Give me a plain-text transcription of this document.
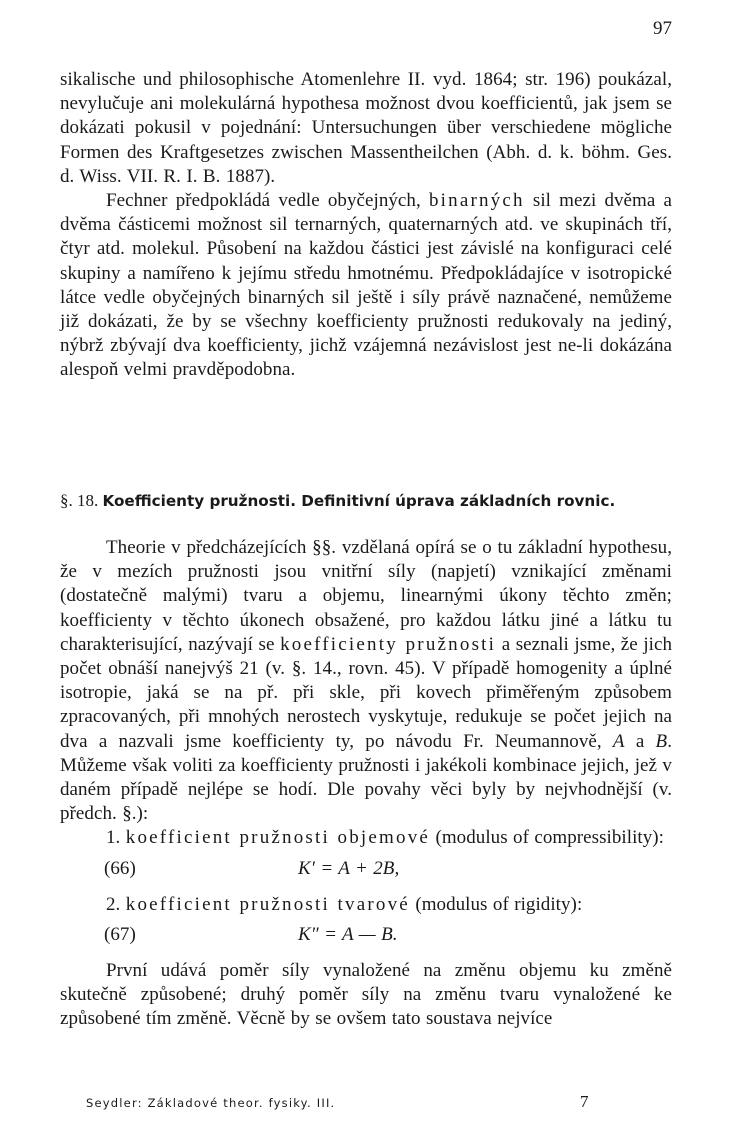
97

sikalische und philosophische Atomenlehre II. vyd. 1864; str. 196) poukázal, nevylučuje ani molekulárná hypothesa možnost dvou koefficientů, jak jsem se dokázati pokusil v pojednání: Untersuchungen über verschiedene mögliche Formen des Kraftgesetzes zwischen Massentheilchen (Abh. d. k. böhm. Ges. d. Wiss. VII. R. I. B. 1887).

Fechner předpokládá vedle obyčejných, binarných sil mezi dvěma a dvěma částicemi možnost sil ternarných, quaternarných atd. ve skupinách tří, čtyr atd. molekul. Působení na každou částici jest závislé na konfiguraci celé skupiny a namířeno k jejímu středu hmotnému. Předpokládajíce v isotropické látce vedle obyčejných binarných sil ještě i síly právě naznačené, nemůžeme již dokázati, že by se všechny koefficienty pružnosti redukovaly na jediný, nýbrž zbývají dva koefficienty, jichž vzájemná nezávislost jest ne-li dokázána alespoň velmi pravděpodobna.

§. 18. Koefficienty pružnosti. Definitivní úprava základních rovnic.

Theorie v předcházejících §§. vzdělaná opírá se o tu základní hypothesu, že v mezích pružnosti jsou vnitřní síly (napjetí) vznikající změnami (dostatečně malými) tvaru a objemu, linearnými úkony těchto změn; koefficienty v těchto úkonech obsažené, pro každou látku jiné a látku tu charakterisující, nazývají se koefficienty pružnosti a seznali jsme, že jich počet obnáší nanejvýš 21 (v. §. 14., rovn. 45). V případě homogenity a úplné isotropie, jaká se na př. při skle, při kovech přiměřeným způsobem zpracovaných, při mnohých nerostech vyskytuje, redukuje se počet jejich na dva a nazvali jsme koefficienty ty, po návodu Fr. Neumannově, A a B. Můžeme však voliti za koefficienty pružnosti i jakékoli kombinace jejich, jež v daném případě nejlépe se hodí. Dle povahy věci byly by nejvhodnější (v. předch. §.):

1. koefficient pružnosti objemové (modulus of compressibility):

(66)	K′ = A + 2B,

2. koefficient pružnosti tvarové (modulus of rigidity):

(67)	K″ = A — B.

První udává poměr síly vynaložené na změnu objemu ku změně skutečně způsobené; druhý poměr síly na změnu tvaru vynaložené ke způsobené tím změně. Věcně by se ovšem tato soustava nejvíce

Seydler: Základové theor. fysiky. III.	7
